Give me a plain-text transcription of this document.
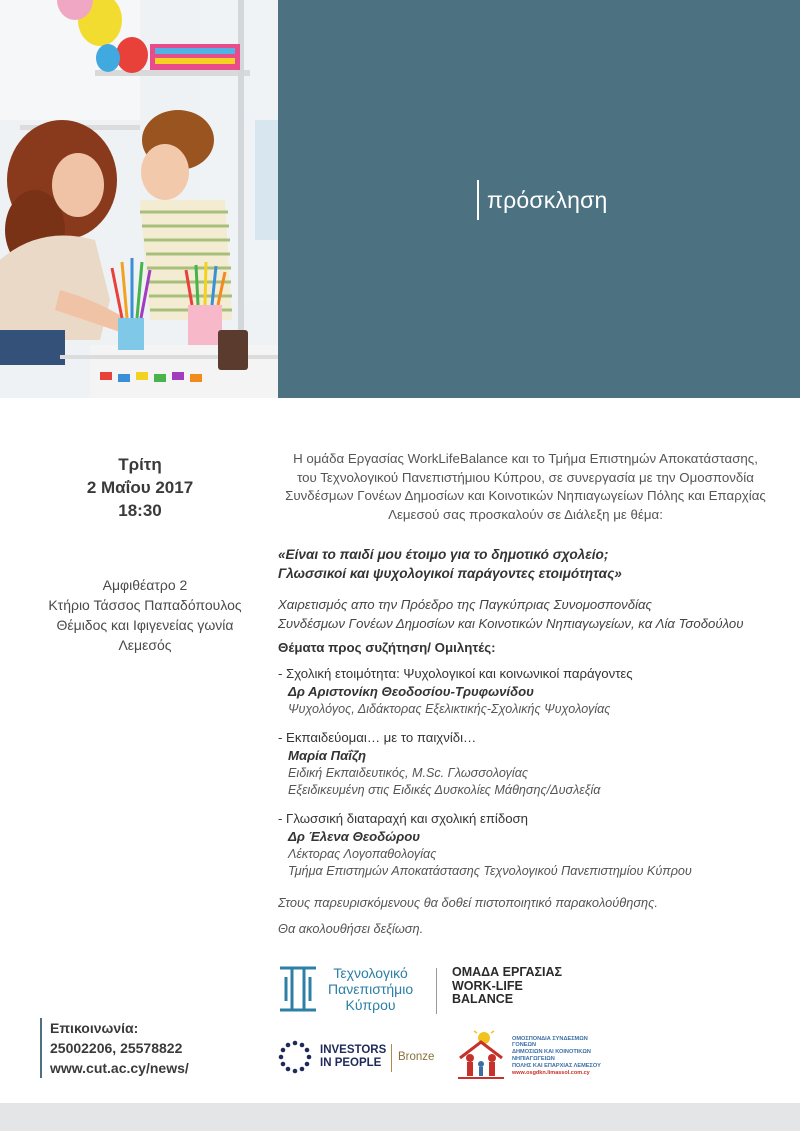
πρόσκληση
Τρίτη
2 Μαΐου 2017
18:30
Αμφιθέατρο 2
Κτήριο Τάσσος Παπαδόπουλος
Θέμιδος και Ιφιγενείας γωνία
Λεμεσός
Επικοινωνία:
25002206, 25578822
www.cut.ac.cy/news/
Η ομάδα Εργασίας WorkLifeBalance και το Τμήμα Επιστημών Αποκατάστασης,
του Τεχνολογικού Πανεπιστήμιου Κύπρου, σε συνεργασία με την Ομοσπονδία
Συνδέσμων Γονέων Δημοσίων και Κοινοτικών Νηπιαγωγείων Πόλης και Επαρχίας
Λεμεσού σας προσκαλούν σε Διάλεξη με θέμα:
«Είναι το παιδί μου έτοιμο για το δημοτικό σχολείο;
Γλωσσικοί και ψυχολογικοί παράγοντες ετοιμότητας»
Χαιρετισμός απο την Πρόεδρο της Παγκύπριας Συνομοσπονδίας
Συνδέσμων Γονέων Δημοσίων και Κοινοτικών Νηπιαγωγείων, κα Λία Τσοδούλου
Θέματα προς συζήτηση/ Ομιλητές:
- Σχολική ετοιμότητα: Ψυχολογικοί και κοινωνικοί παράγοντες
Δρ Αριστονίκη Θεοδοσίου-Τρυφωνίδου
Ψυχολόγος, Διδάκτορας Εξελικτικής-Σχολικής Ψυχολογίας
- Εκπαιδεύομαι… με το παιχνίδι…
Μαρία Παΐζη
Ειδική Εκπαιδευτικός, M.Sc. Γλωσσολογίας
Εξειδικευμένη στις Ειδικές Δυσκολίες Μάθησης/Δυσλεξία
- Γλωσσική διαταραχή και σχολική επίδοση
Δρ Έλενα Θεοδώρου
Λέκτορας Λογοπαθολογίας
Τμήμα Επιστημών Αποκατάστασης Τεχνολογικού Πανεπιστημίου Κύπρου
Στους παρευρισκόμενους θα δοθεί πιστοποιητικό παρακολούθησης.
Θα ακολουθήσει δεξίωση.
Τεχνολογικό
Πανεπιστήμιο
Κύπρου
ΟΜΑΔΑ ΕΡΓΑΣΙΑΣ
WORK-LIFE
BALANCE
INVESTORS
IN PEOPLE	Bronze
ΟΜΟΣΠΟΝΔΙΑ ΣΥΝΔΕΣΜΩΝ ΓΟΝΕΩΝ
ΔΗΜΟΣΙΩΝ ΚΑΙ ΚΟΙΝΟΤΙΚΩΝ ΝΗΠΙΑΓΩΓΕΙΩΝ
ΠΟΛΗΣ ΚΑΙ ΕΠΑΡΧΙΑΣ ΛΕΜΕΣΟΥ
www.osgdkn.limassol.com.cy
